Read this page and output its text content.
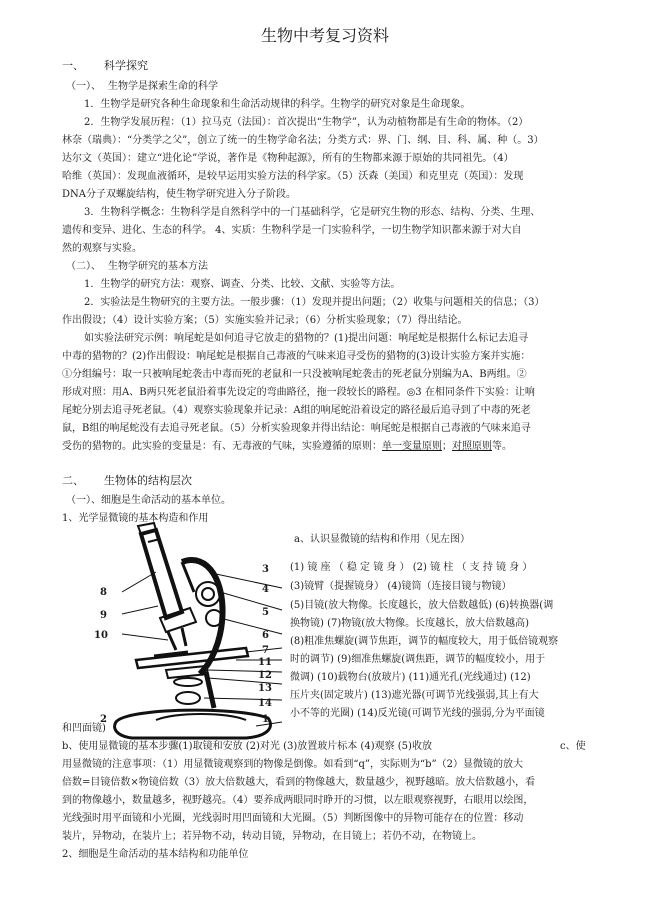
生物中考复习资料
一、 科学探究
（一）、 生物学是探索生命的科学
1．生物学是研究各种生命现象和生命活动规律的科学。生物学的研究对象是生命现象。
2．生物学发展历程：（1）拉马克（法国）：首次提出“生物学”，认为动植物都是有生命的物体。（2）
林奈（瑞典）：“分类学之父”，创立了统一的生物学命名法；分类方式：界、门、纲、目、科、属、种（。3）
达尔文（英国）：建立“进化论”学说，著作是《物种起源》，所有的生物都来源于原始的共同祖先。（4）
哈维（英国）：发现血液循环，是较早运用实验方法的科学家。（5）沃森（美国）和克里克（英国）：发现
DNA分子双螺旋结构，使生物学研究进入分子阶段。
3．生物科学概念：生物科学是自然科学中的一门基础科学，它是研究生物的形态、结构、分类、生理、
遗传和变异、进化、生态的科学。 4、实质：生物科学是一门实验科学，一切生物学知识都来源于对大自
然的观察与实验。
（二）、 生物学研究的基本方法
1．生物学的研究方法：观察、调查、分类、比较、文献、实验等方法。
2．实验法是生物研究的主要方法。一般步骤：（1）发现并提出问题；（2）收集与问题相关的信息；（3）
作出假设；（4）设计实验方案；（5）实施实验并记录；（6）分析实验现象；（7）得出结论。
如实验法研究示例：响尾蛇是如何追寻它放走的猎物的？(1)提出问题：响尾蛇是根据什么标记去追寻
中毒的猎物的？(2)作出假设：响尾蛇是根据自己毒液的气味来追寻受伤的猎物的(3)设计实验方案并实施：
①分组编号：取一只被响尾蛇袭击中毒而死的老鼠和一只没被响尾蛇袭击的死老鼠分别编为A、B两组。②
形成对照：用A、B两只死老鼠沿着事先设定的弯曲路径，拖一段较长的路程。◎3 在相同条件下实验：让响
尾蛇分别去追寻死老鼠。（4）观察实验现象并记录：A组的响尾蛇沿着设定的路径最后追寻到了中毒的死老
鼠，B组的响尾蛇没有去追寻死老鼠。（5）分析实验现象并得出结论：响尾蛇是根据自己毒液的气味来追寻
受伤的猎物的。此实验的变量是：有、无毒液的气味，实验遵循的原则：单一变量原则；对照原则等。
二、 生物体的结构层次
（一）、细胞是生命活动的基本单位。
1、光学显微镜的基本构造和作用
8
9
10
4
5
6
7
11
12
13
14
1
2
3
a、认识显微镜的结构和作用（见左图）
(1) 镜 座 （ 稳 定 镜 身 ） (2) 镜 柱 （ 支 持 镜 身 ）
(3)镜臂（提握镜身） (4)镜筒（连接目镜与物镜）
(5)目镜(放大物像。长度越长，放大倍数越低) (6)转换器(调
换物镜) (7)物镜(放大物像。长度越长，放大倍数越高)
(8)粗准焦螺旋(调节焦距，调节的幅度较大，用于低倍镜观察
时的调节) (9)细准焦螺旋(调焦距，调节的幅度较小，用于
微调) (10)载物台(放玻片) (11)通光孔(光线通过) (12)
压片夹(固定玻片) (13)遮光器(可调节光线强弱,其上有大
小不等的光圈) (14)反光镜(可调节光线的强弱,分为平面镜
和凹面镜)
b、使用显微镜的基本步骤(1)取镜和安放 (2)对光 (3)放置玻片标本 (4)观察 (5)收放	c、使
用显微镜的注意事项：（1）用显微镜观察到的物像是倒像。如看到“q”，实际则为“b”（2）显微镜的放大
倍数=目镜倍数×物镜倍数（3）放大倍数越大，看到的物像越大，数量越少，视野越暗。放大倍数越小，看
到的物像越小，数量越多，视野越亮。（4）要养成两眼同时睁开的习惯，以左眼观察视野，右眼用以绘图，
光线强时用平面镜和小光圈，光线弱时用凹面镜和大光圈。（5）判断图像中的异物可能存在的位置：移动
装片，异物动，在装片上；若异物不动，转动目镜，异物动，在目镜上；若仍不动，在物镜上。
2、细胞是生命活动的基本结构和功能单位
